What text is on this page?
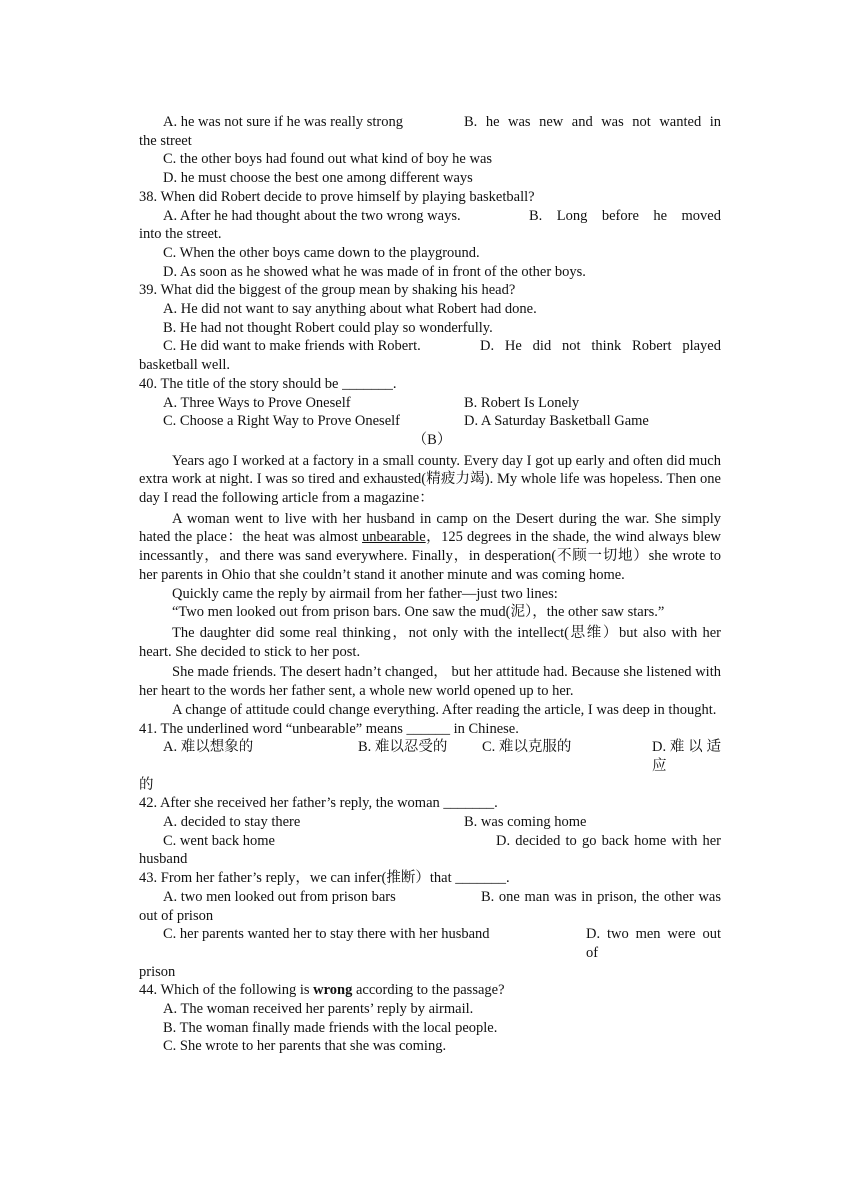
A. he was not sure if he was really strong	B. he was new and was not wanted in
the street
C. the other boys had found out what kind of boy he was
D. he must choose the best one among different ways
38. When did Robert decide to prove himself by playing basketball?
A. After he had thought about the two wrong ways.	B. Long before he moved
into the street.
C. When the other boys came down to the playground.
D. As soon as he showed what he was made of in front of the other boys.
39. What did the biggest of the group mean by shaking his head?
A. He did not want to say anything about what Robert had done.
B. He had not thought Robert could play so wonderfully.
C. He did want to make friends with Robert.	D. He did not think Robert played
basketball well.
40. The title of the story should be _______.
A. Three Ways to Prove Oneself	B. Robert Is Lonely
C. Choose a Right Way to Prove Oneself	D. A Saturday Basketball Game
（B）
Years ago I worked at a factory in a small county. Every day I got up early and often did much extra work at night. I was so tired and exhausted(精疲力竭). My whole life was hopeless. Then one day I read the following article from a magazine：
A woman went to live with her husband in camp on the Desert during the war. She simply hated the place：the heat was almost unbearable，125 degrees in the shade, the wind always blew incessantly，and there was sand everywhere. Finally，in desperation(不顾一切地）she wrote to her parents in Ohio that she couldn’t stand it another minute and was coming home.
Quickly came the reply by airmail from her father—just two lines:
“Two men looked out from prison bars. One saw the mud(泥），the other saw stars.”
The daughter did some real thinking，not only with the intellect(思维）but also with her heart. She decided to stick to her post.
She made friends. The desert hadn’t changed， but her attitude had. Because she listened with her heart to the words her father sent, a whole new world opened up to her.
A change of attitude could change everything. After reading the article, I was deep in thought.
41. The underlined word “unbearable” means ______ in Chinese.
A. 难以想象的	B. 难以忍受的	C. 难以克服的	D. 难 以 适 应
的
42. After she received her father’s reply, the woman _______.
A. decided to stay there	B. was coming home
C. went back home	D. decided to go back home with her
husband
43. From her father’s reply，we can infer(推断）that _______.
A. two men looked out from prison bars	B. one man was in prison, the other was
out of prison
C. her parents wanted her to stay there with her husband	D. two men were out of
prison
44. Which of the following is wrong according to the passage?
A. The woman received her parents’ reply by airmail.
B. The woman finally made friends with the local people.
C. She wrote to her parents that she was coming.
